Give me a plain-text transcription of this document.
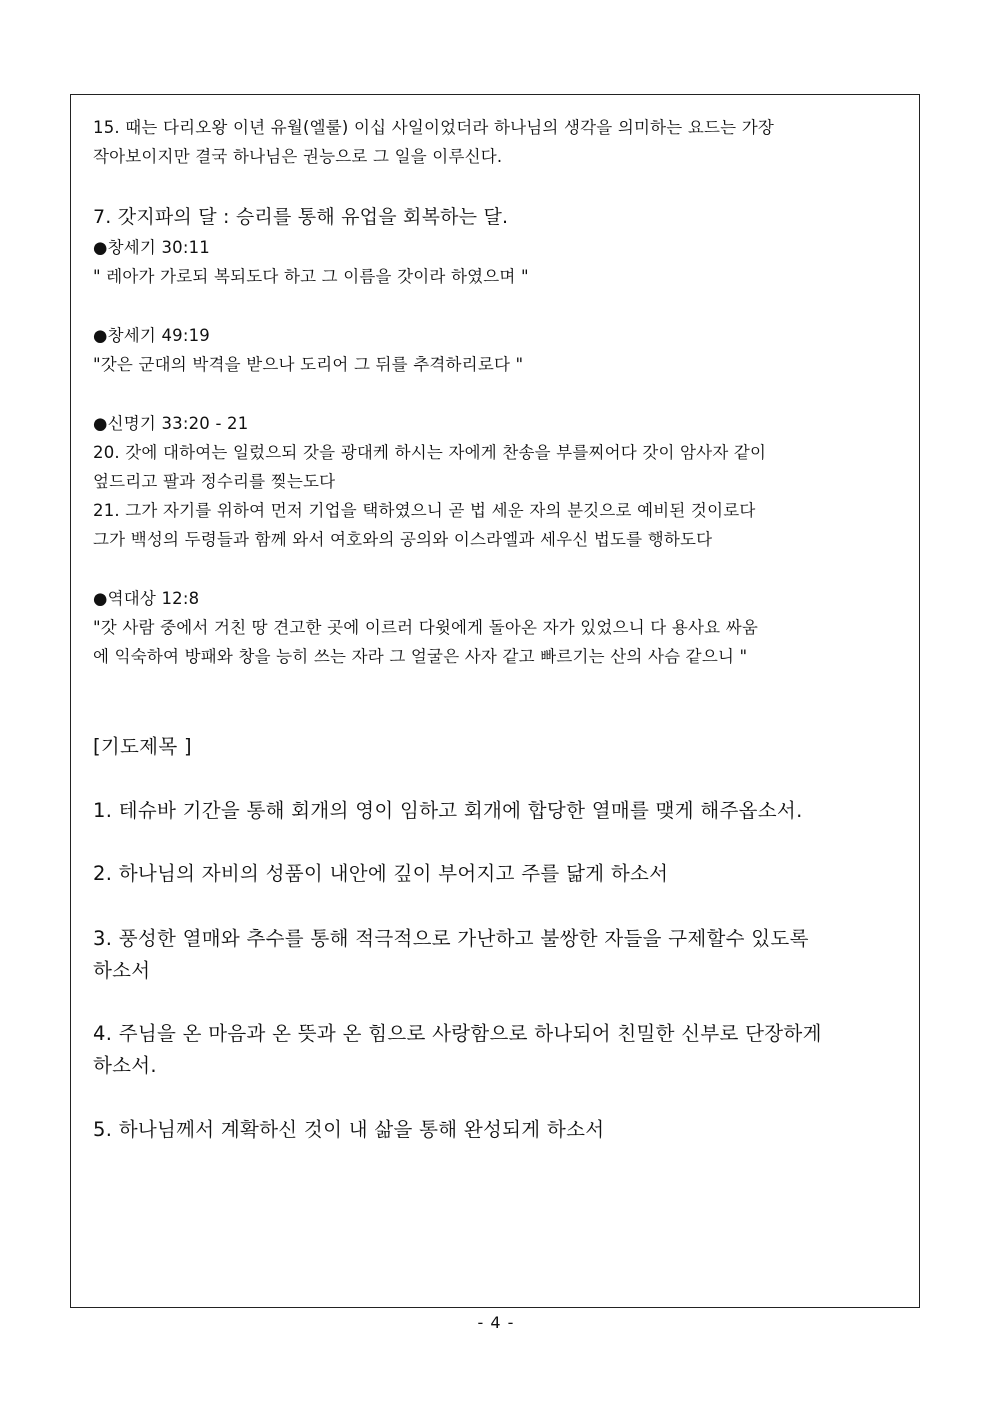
15. 때는 다리오왕 이년 유월(엘룰) 이십 사일이었더라 하나님의 생각을 의미하는 요드는 가장

작아보이지만 결국 하나님은 권능으로 그 일을 이루신다.

7. 갓지파의 달 : 승리를 통해 유업을 회복하는 달.

●창세기 30:11

" 레아가 가로되 복되도다 하고 그 이름을 갓이라 하였으며 "

●창세기 49:19

"갓은 군대의 박격을 받으나 도리어 그 뒤를 추격하리로다 "

●신명기 33:20 - 21

20. 갓에 대하여는 일렀으되 갓을 광대케 하시는 자에게 찬송을 부를찌어다 갓이 암사자 같이

엎드리고 팔과 정수리를 찢는도다

21. 그가 자기를 위하여 먼저 기업을 택하였으니 곧 법 세운 자의 분깃으로 예비된 것이로다

그가 백성의 두령들과 함께 와서 여호와의 공의와 이스라엘과 세우신 법도를 행하도다

●역대상 12:8

"갓 사람 중에서 거친 땅 견고한 곳에 이르러 다윗에게 돌아온 자가 있었으니 다 용사요 싸움

에 익숙하여 방패와 창을 능히 쓰는 자라 그 얼굴은 사자 같고 빠르기는 산의 사슴 같으니 "

[기도제목 ]

1. 테슈바 기간을 통해 회개의 영이 임하고 회개에 합당한 열매를 맺게 해주옵소서.

2. 하나님의 자비의 성품이 내안에 깊이 부어지고 주를 닮게 하소서

3. 풍성한 열매와 추수를 통해 적극적으로 가난하고 불쌍한 자들을 구제할수 있도록

하소서

4. 주님을 온 마음과 온 뜻과 온 힘으로 사랑함으로 하나되어 친밀한 신부로 단장하게

하소서.

5. 하나님께서 계확하신 것이 내 삶을 통해 완성되게 하소서

- 4 -
